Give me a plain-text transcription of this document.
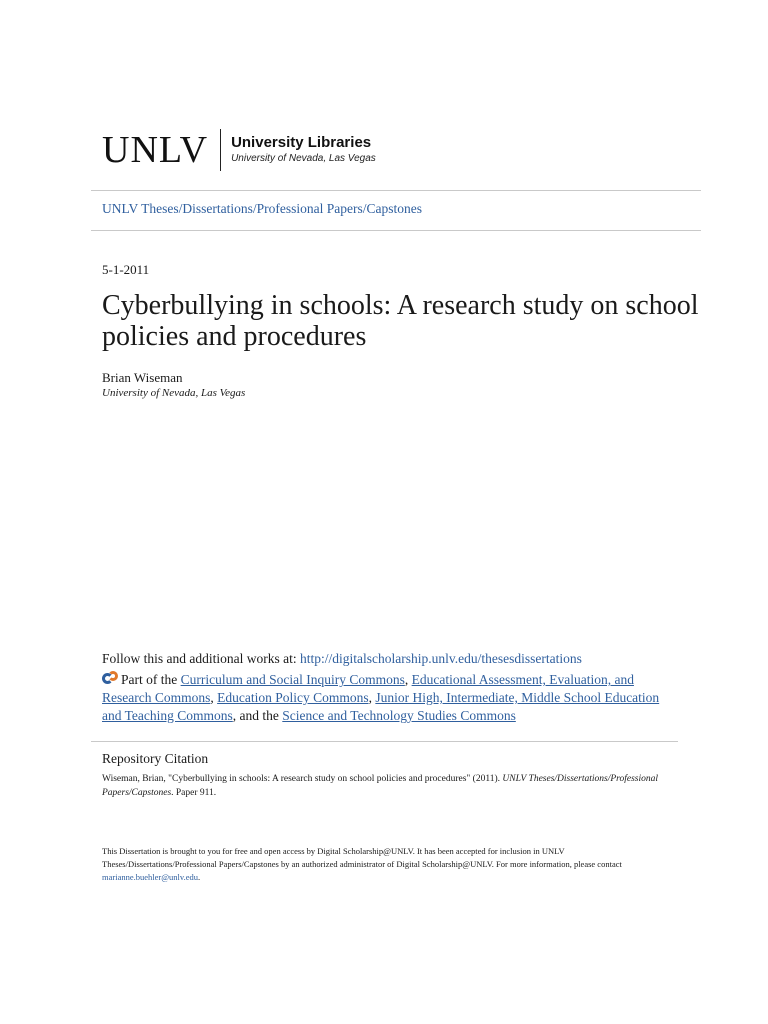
UNLV University Libraries
University of Nevada, Las Vegas
UNLV Theses/Dissertations/Professional Papers/Capstones
5-1-2011
Cyberbullying in schools: A research study on school policies and procedures
Brian Wiseman
University of Nevada, Las Vegas
Follow this and additional works at: http://digitalscholarship.unlv.edu/thesesdissertations
Part of the Curriculum and Social Inquiry Commons, Educational Assessment, Evaluation, and Research Commons, Education Policy Commons, Junior High, Intermediate, Middle School Education and Teaching Commons, and the Science and Technology Studies Commons
Repository Citation
Wiseman, Brian, "Cyberbullying in schools: A research study on school policies and procedures" (2011). UNLV Theses/Dissertations/Professional Papers/Capstones. Paper 911.
This Dissertation is brought to you for free and open access by Digital Scholarship@UNLV. It has been accepted for inclusion in UNLV Theses/Dissertations/Professional Papers/Capstones by an authorized administrator of Digital Scholarship@UNLV. For more information, please contact marianne.buehler@unlv.edu.
